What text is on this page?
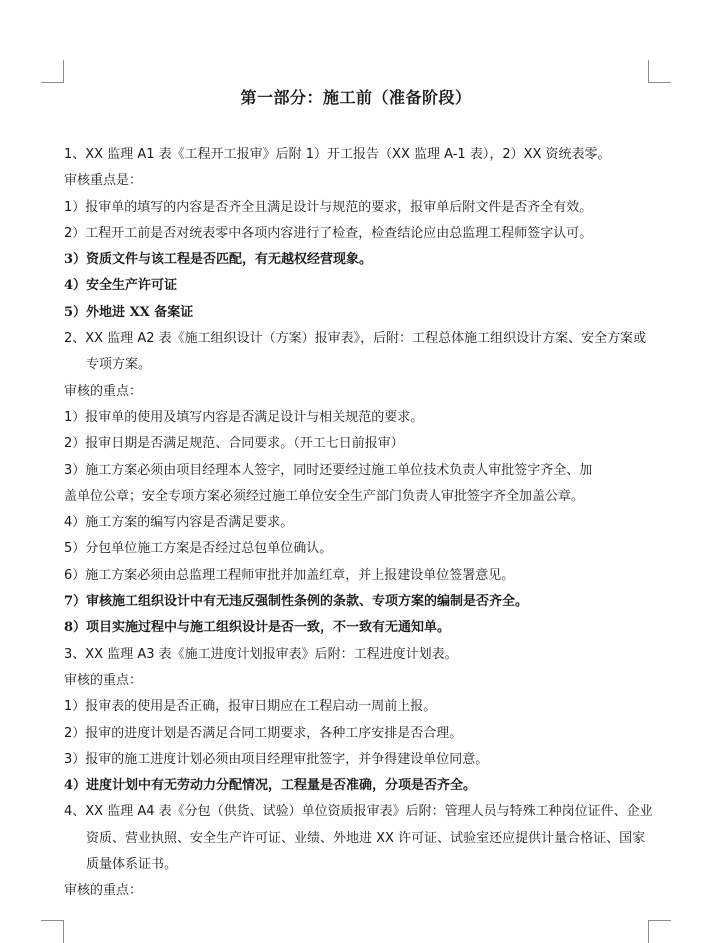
第一部分：施工前（准备阶段）

1、XX 监理 A1 表《工程开工报审》后附 1）开工报告（XX 监理 A-1 表），2）XX 资统表零。

审核重点是：

1）报审单的填写的内容是否齐全且满足设计与规范的要求，报审单后附文件是否齐全有效。

2）工程开工前是否对统表零中各项内容进行了检查，检查结论应由总监理工程师签字认可。

3）资质文件与该工程是否匹配，有无越权经营现象。

4）安全生产许可证

5）外地进 XX 备案证

2、XX 监理 A2 表《施工组织设计（方案）报审表》，后附：工程总体施工组织设计方案、安全方案或专项方案。

审核的重点：

1）报审单的使用及填写内容是否满足设计与相关规范的要求。

2）报审日期是否满足规范、合同要求。（开工七日前报审）

3）施工方案必须由项目经理本人签字，同时还要经过施工单位技术负责人审批签字齐全、加

盖单位公章；安全专项方案必须经过施工单位安全生产部门负责人审批签字齐全加盖公章。

4）施工方案的编写内容是否满足要求。

5）分包单位施工方案是否经过总包单位确认。

6）施工方案必须由总监理工程师审批并加盖红章，并上报建设单位签署意见。

7）审核施工组织设计中有无违反强制性条例的条款、专项方案的编制是否齐全。

8）项目实施过程中与施工组织设计是否一致，不一致有无通知单。

3、XX 监理 A3 表《施工进度计划报审表》后附：工程进度计划表。

审核的重点：

1）报审表的使用是否正确，报审日期应在工程启动一周前上报。

2）报审的进度计划是否满足合同工期要求，各种工序安排是否合理。

3）报审的施工进度计划必须由项目经理审批签字，并争得建设单位同意。

4）进度计划中有无劳动力分配情况，工程量是否准确，分项是否齐全。

4、XX 监理 A4 表《分包（供货、试验）单位资质报审表》后附：管理人员与特殊工种岗位证件、企业资质、营业执照、安全生产许可证、业绩、外地进 XX 许可证、试验室还应提供计量合格证、国家质量体系证书。

审核的重点：
